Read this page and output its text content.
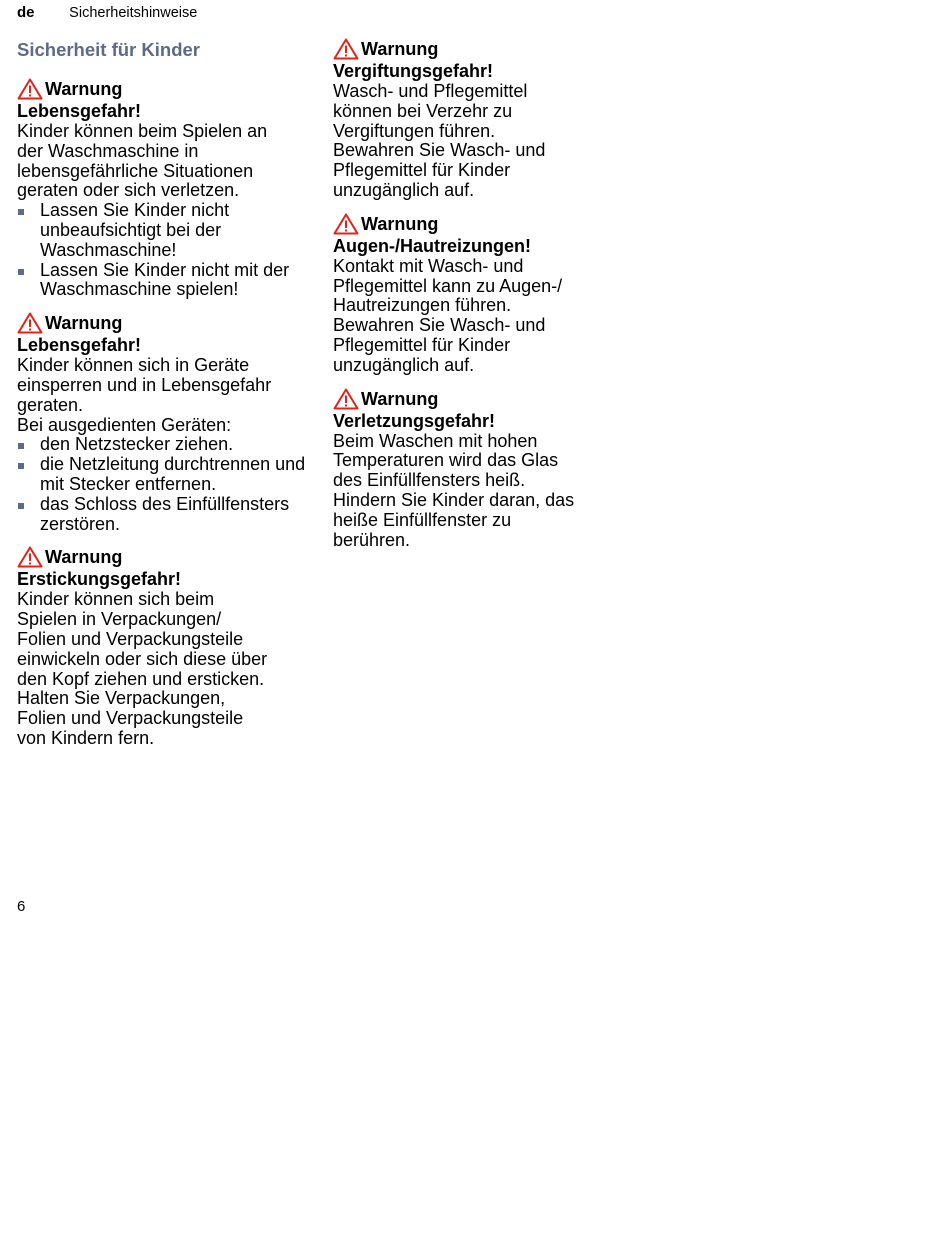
de Sicherheitshinweise
Sicherheit für Kinder
Warnung
Lebensgefahr!
Kinder können beim Spielen an
der Waschmaschine in
lebensgefährliche Situationen
geraten oder sich verletzen.
Lassen Sie Kinder nicht unbeaufsichtigt bei der Waschmaschine!
Lassen Sie Kinder nicht mit der Waschmaschine spielen!
Warnung
Lebensgefahr!
Kinder können sich in Geräte
einsperren und in Lebensgefahr
geraten.
Bei ausgedienten Geräten:
den Netzstecker ziehen.
die Netzleitung durchtrennen und mit Stecker entfernen.
das Schloss des Einfüllfensters zerstören.
Warnung
Erstickungsgefahr!
Kinder können sich beim
Spielen in Verpackungen/
Folien und Verpackungsteile
einwickeln oder sich diese über
den Kopf ziehen und ersticken.
Halten Sie Verpackungen,
Folien und Verpackungsteile
von Kindern fern.
Warnung
Vergiftungsgefahr!
Wasch- und Pflegemittel
können bei Verzehr zu
Vergiftungen führen.
Bewahren Sie Wasch- und
Pflegemittel für Kinder
unzugänglich auf.
Warnung
Augen-/Hautreizungen!
Kontakt mit Wasch- und
Pflegemittel kann zu Augen-/
Hautreizungen führen.
Bewahren Sie Wasch- und
Pflegemittel für Kinder
unzugänglich auf.
Warnung
Verletzungsgefahr!
Beim Waschen mit hohen
Temperaturen wird das Glas
des Einfüllfensters heiß.
Hindern Sie Kinder daran, das
heiße Einfüllfenster zu
berühren.
6
